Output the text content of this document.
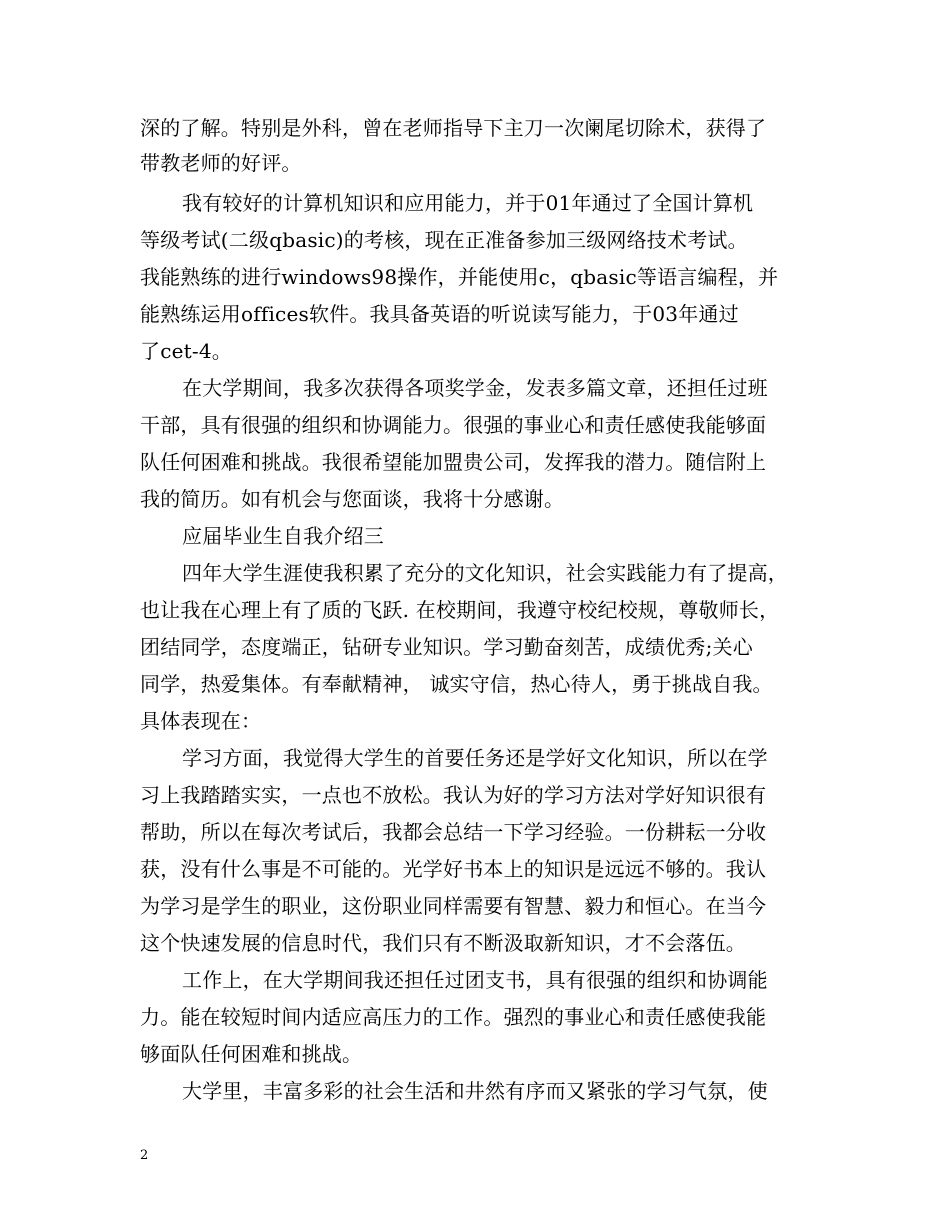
深的了解。特别是外科，曾在老师指导下主刀一次阑尾切除术，获得了
带教老师的好评。
我有较好的计算机知识和应用能力，并于01年通过了全国计算机
等级考试(二级qbasic)的考核，现在正准备参加三级网络技术考试。
我能熟练的进行windows98操作，并能使用c，qbasic等语言编程，并
能熟练运用offices软件。我具备英语的听说读写能力，于03年通过
了cet-4。
在大学期间，我多次获得各项奖学金，发表多篇文章，还担任过班
干部，具有很强的组织和协调能力。很强的事业心和责任感使我能够面
队任何困难和挑战。我很希望能加盟贵公司，发挥我的潜力。随信附上
我的简历。如有机会与您面谈，我将十分感谢。
应届毕业生自我介绍三
四年大学生涯使我积累了充分的文化知识，社会实践能力有了提高，
也让我在心理上有了质的飞跃. 在校期间，我遵守校纪校规，尊敬师长，
团结同学，态度端正，钻研专业知识。学习勤奋刻苦，成绩优秀;关心
同学，热爱集体。有奉献精神， 诚实守信，热心待人，勇于挑战自我。
具体表现在：
学习方面，我觉得大学生的首要任务还是学好文化知识，所以在学
习上我踏踏实实，一点也不放松。我认为好的学习方法对学好知识很有
帮助，所以在每次考试后，我都会总结一下学习经验。一份耕耘一分收
获，没有什么事是不可能的。光学好书本上的知识是远远不够的。我认
为学习是学生的职业，这份职业同样需要有智慧、毅力和恒心。在当今
这个快速发展的信息时代，我们只有不断汲取新知识，才不会落伍。
工作上，在大学期间我还担任过团支书，具有很强的组织和协调能
力。能在较短时间内适应高压力的工作。强烈的事业心和责任感使我能
够面队任何困难和挑战。
大学里，丰富多彩的社会生活和井然有序而又紧张的学习气氛，使
2
